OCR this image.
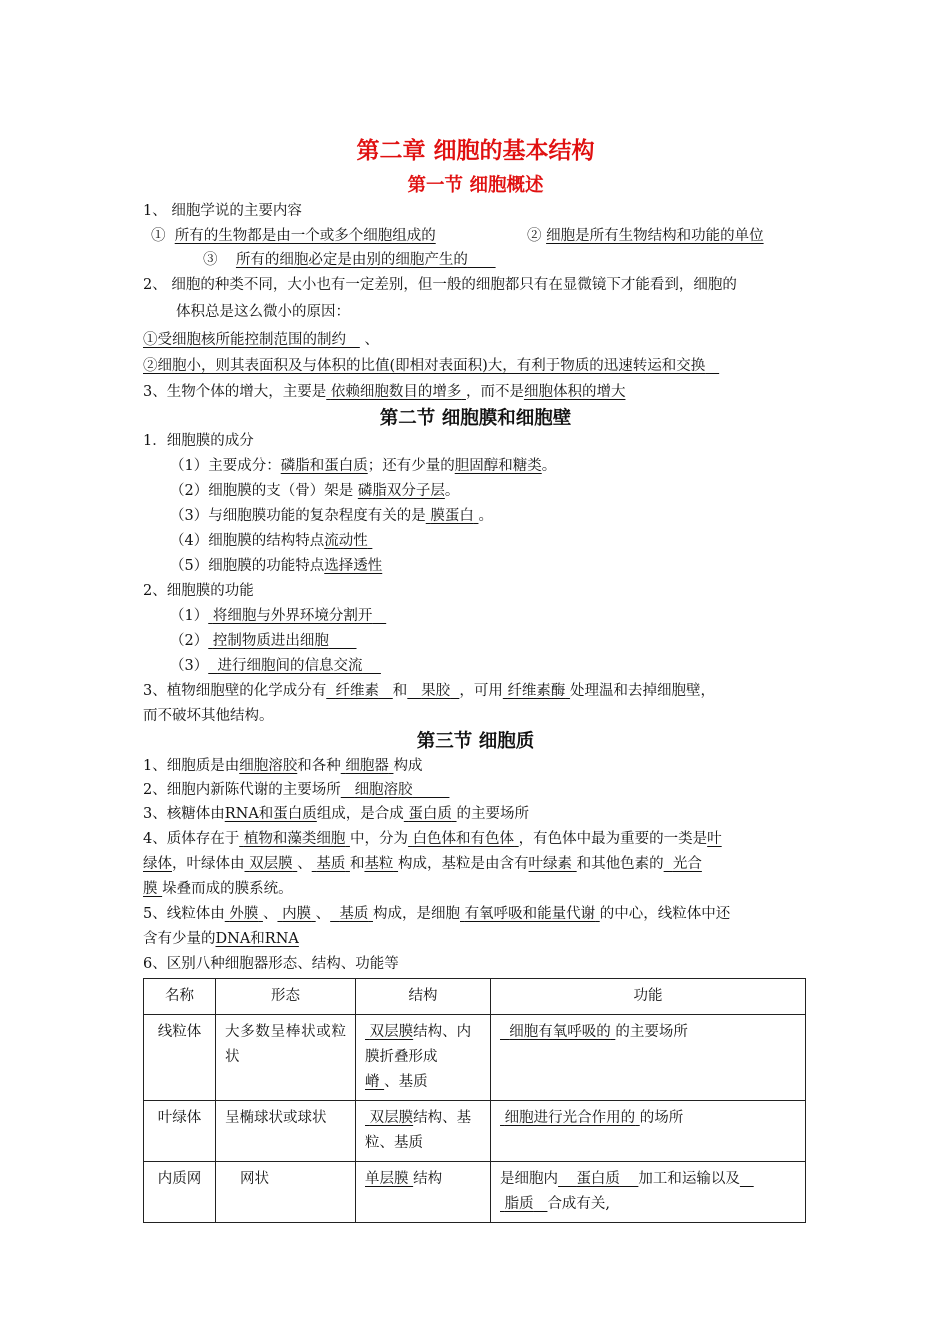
第二章 细胞的基本结构
第一节 细胞概述
1、 细胞学说的主要内容
① 所有的生物都是由一个或多个细胞组成的	② 细胞是所有生物结构和功能的单位
③ 所有的细胞必定是由别的细胞产生的
2、 细胞的种类不同，大小也有一定差别，但一般的细胞都只有在显微镜下才能看到，细胞的
体积总是这么微小的原因：
①受细胞核所能控制范围的制约 、
②细胞小，则其表面积及与体积的比值(即相对表面积)大，有利于物质的迅速转运和交换
3、生物个体的增大，主要是 依赖细胞数目的增多 ，而不是细胞体积的增大
第二节 细胞膜和细胞壁
1．细胞膜的成分
（1）主要成分：磷脂和蛋白质；还有少量的胆固醇和糖类。
（2）细胞膜的支（骨）架是 磷脂双分子层。
（3）与细胞膜功能的复杂程度有关的是 膜蛋白 。
（4）细胞膜的结构特点流动性
（5）细胞膜的功能特点选择透性
2、细胞膜的功能
（1） 将细胞与外界环境分割开
（2） 控制物质进出细胞
（3） 进行细胞间的信息交流
3、植物细胞壁的化学成分有 纤维素 和 果胶 ，可用 纤维素酶 处理温和去掉细胞壁，
而不破坏其他结构。
第三节 细胞质
1、细胞质是由细胞溶胶和各种 细胞器 构成
2、细胞内新陈代谢的主要场所 细胞溶胶
3、核糖体由RNA和蛋白质组成，是合成 蛋白质 的主要场所
4、质体存在于 植物和藻类细胞 中，分为 白色体和有色体 ，有色体中最为重要的一类是叶
绿体，叶绿体由 双层膜 、 基质 和基粒 构成，基粒是由含有叶绿素 和其他色素的 光合
膜 垛叠而成的膜系统。
5、线粒体由 外膜 、 内膜 、 基质 构成，是细胞 有氧呼吸和能量代谢 的中心，线粒体中还
含有少量的DNA和RNA
6、区别八种细胞器形态、结构、功能等
名称	形态	结构	功能
线粒体	大多数呈棒状或粒状	双层膜结构、内膜折叠形成
嵴 、基质	细胞有氧呼吸的 的主要场所
叶绿体	呈椭球状或球状	双层膜结构、基粒、基质	细胞进行光合作用的 的场所
内质网	网状	单层膜 结构	是细胞内 蛋白质 加工和运输以及
脂质 合成有关,
